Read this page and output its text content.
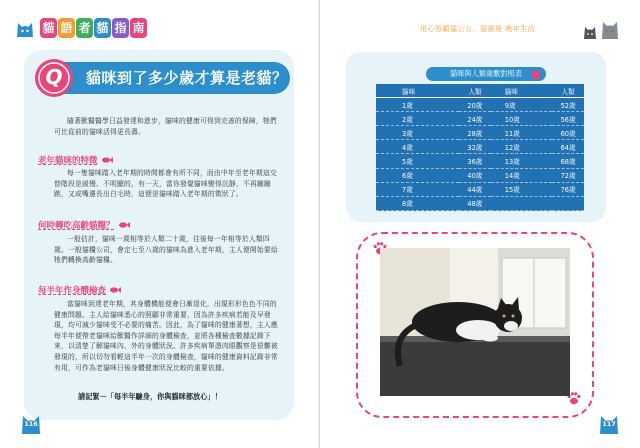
貓 語 者 貓 指 南
Q	貓咪到了多少歲才算是老貓？
隨著獸醫醫學日益發達和進步，貓咪的健康可得到完善的保障，牠們可比從前的貓咪活得更長壽。
老年貓咪的特徵
每一隻貓咪踏入老年期的時間都會有所不同，而由中年至老年期這交替階段是緩慢、不明顯的。有一天，當你發覺貓咪變得沉靜、不再蹦蹦跳，又或嘴邊長出白毛時，這便是貓咪踏入老年期的徵狀了。
何時轉吃高齡貓糧？
一般估計，貓咪一歲相等於人類二十歲，往後每一年相等於人類四歲。一般貓糧公司，會定七至八歲的貓咪為進入老年期，主人便開始要給牠們轉換高齡貓糧。
每半年作身體檢查
當貓咪到達老年期，其身體機能便會日漸退化，出現形形色色不同的健康問題。主人給貓咪悉心的照顧非常重要，因為許多疾病若能及早發現，均可減少貓咪受不必要的痛苦。因此，為了貓咪的健康著想，主人應每半年便帶老貓咪給獸醫作詳細的身體檢查，並將各種檢查數據記錄下來，以清楚了解貓咪內、外的身體狀況。許多疾病單憑肉眼觀察是很難被發現的，所以切勿看輕這半年一次的身體檢查，貓咪的健康資料記錄非常有用，可作為老貓咪日後身體健康狀況比較的重要依據。
請記緊－「每半年驗身，你與貓咪都放心」！
116
用心照顧貓公公、貓婆婆 晚年生活
貓咪與人類歲數對照表
貓咪	人類	貓咪	人類
1歲	20歲	9歲	52歲
2歲	24歲	10歲	56歲
3歲	28歲	11歲	60歲
4歲	32歲	12歲	64歲
5歲	36歲	13歲	68歲
6歲	40歲	14歲	72歲
7歲	44歲	15歲	76歲
8歲	48歲		
117
